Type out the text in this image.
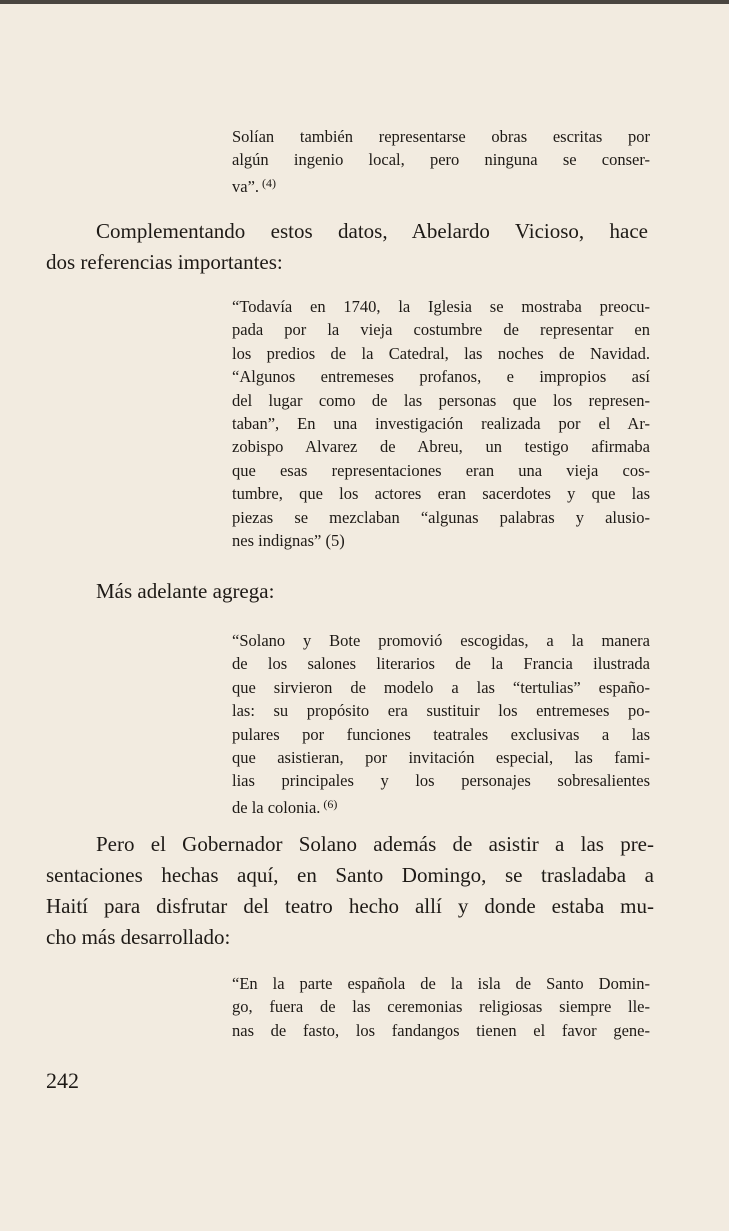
Solían también representarse obras escritas por
algún ingenio local, pero ninguna se conser-
va”. $^{(4)}$
Complementando estos datos, Abelardo Vicioso, hace
dos referencias importantes:
“Todavía en 1740, la Iglesia se mostraba preocu-
pada por la vieja costumbre de representar en
los predios de la Catedral, las noches de Navidad.
“Algunos entremeses profanos, e impropios así
del lugar como de las personas que los represen-
taban”, En una investigación realizada por el Ar-
zobispo Alvarez de Abreu, un testigo afirmaba
que esas representaciones eran una vieja cos-
tumbre, que los actores eran sacerdotes y que las
piezas se mezclaban “algunas palabras y alusio-
nes indignas” (5)
Más adelante agrega:
“Solano y Bote promovió escogidas, a la manera
de los salones literarios de la Francia ilustrada
que sirvieron de modelo a las “tertulias” españo-
las: su propósito era sustituir los entremeses po-
pulares por funciones teatrales exclusivas a las
que asistieran, por invitación especial, las fami-
lias principales y los personajes sobresalientes
de la colonia. $^{(6)}$
Pero el Gobernador Solano además de asistir a las pre-
sentaciones hechas aquí, en Santo Domingo, se trasladaba a
Haití para disfrutar del teatro hecho allí y donde estaba mu-
cho más desarrollado:
“En la parte española de la isla de Santo Domin-
go, fuera de las ceremonias religiosas siempre lle-
nas de fasto, los fandangos tienen el favor gene-
242
